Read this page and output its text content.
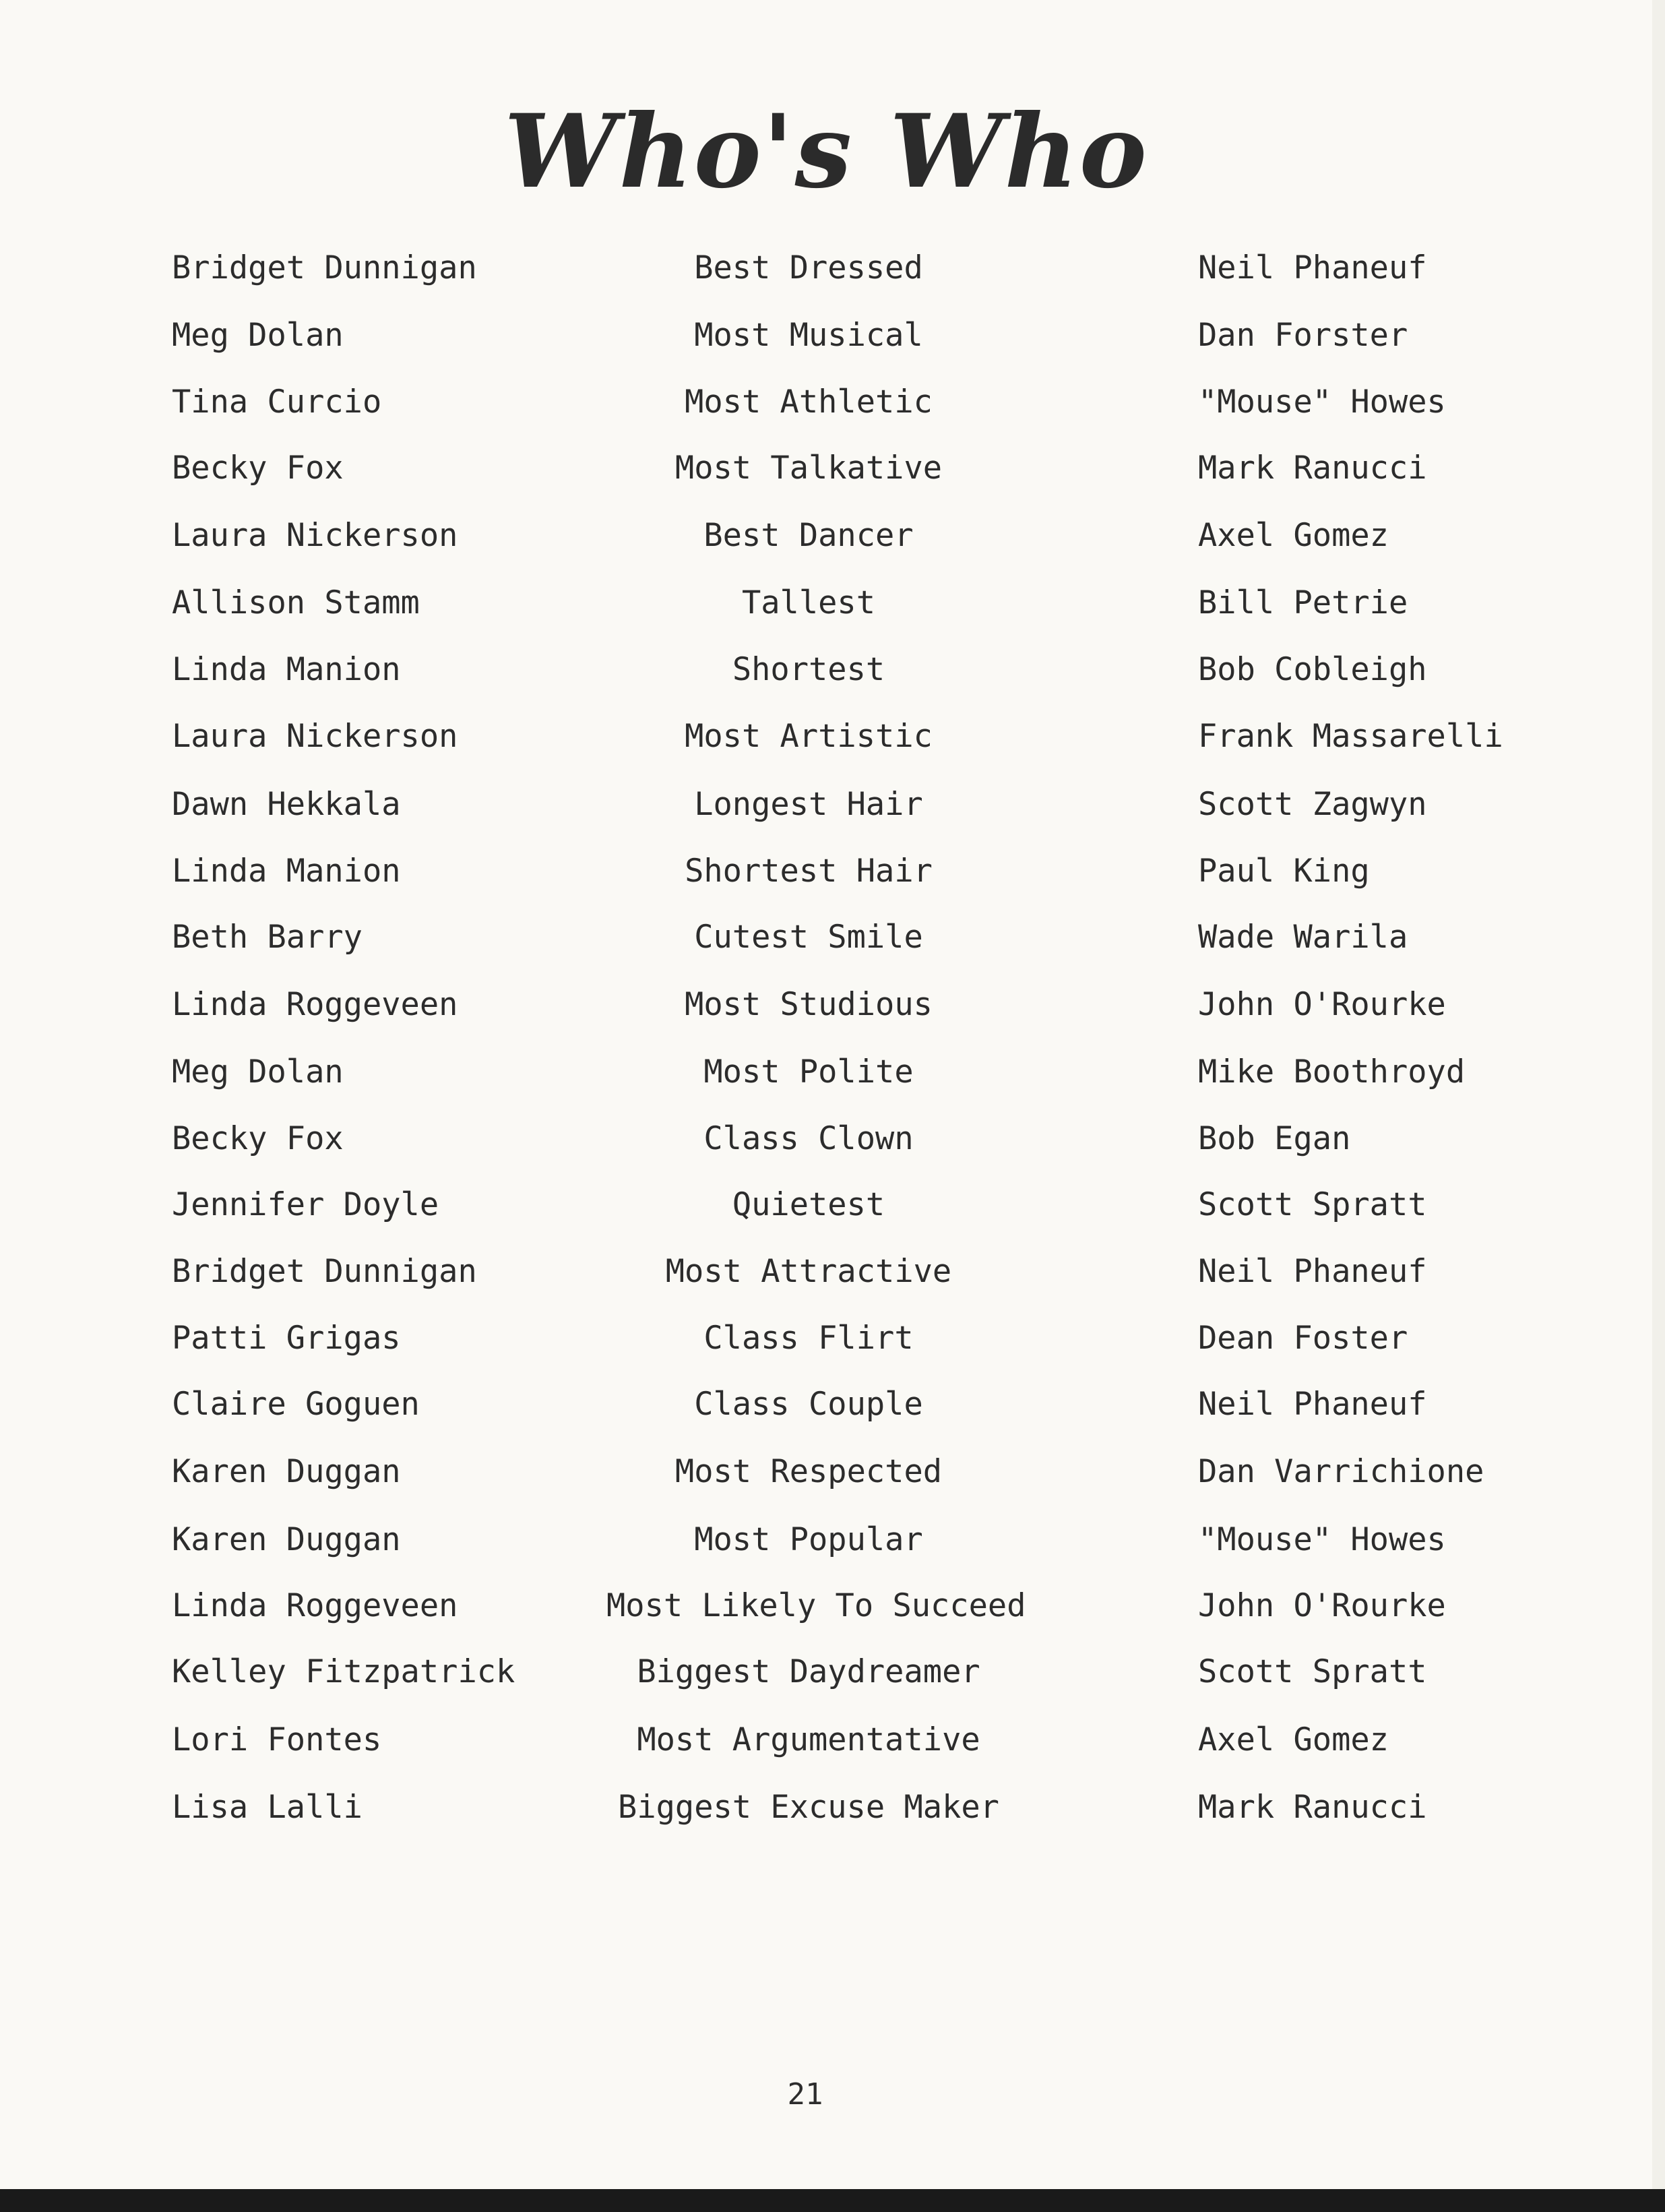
Who's Who
Bridget Dunnigan	Best Dressed	Neil Phaneuf
Meg Dolan	Most Musical	Dan Forster
Tina Curcio	Most Athletic	"Mouse" Howes
Becky Fox	Most Talkative	Mark Ranucci
Laura Nickerson	Best Dancer	Axel Gomez
Allison Stamm	Tallest	Bill Petrie
Linda Manion	Shortest	Bob Cobleigh
Laura Nickerson	Most Artistic	Frank Massarelli
Dawn Hekkala	Longest Hair	Scott Zagwyn
Linda Manion	Shortest Hair	Paul King
Beth Barry	Cutest Smile	Wade Warila
Linda Roggeveen	Most Studious	John O'Rourke
Meg Dolan	Most Polite	Mike Boothroyd
Becky Fox	Class Clown	Bob Egan
Jennifer Doyle	Quietest	Scott Spratt
Bridget Dunnigan	Most Attractive	Neil Phaneuf
Patti Grigas	Class Flirt	Dean Foster
Claire Goguen	Class Couple	Neil Phaneuf
Karen Duggan	Most Respected	Dan Varrichione
Karen Duggan	Most Popular	"Mouse" Howes
Linda Roggeveen	Most Likely To Succeed	John O'Rourke
Kelley Fitzpatrick	Biggest Daydreamer	Scott Spratt
Lori Fontes	Most Argumentative	Axel Gomez
Lisa Lalli	Biggest Excuse Maker	Mark Ranucci
21
